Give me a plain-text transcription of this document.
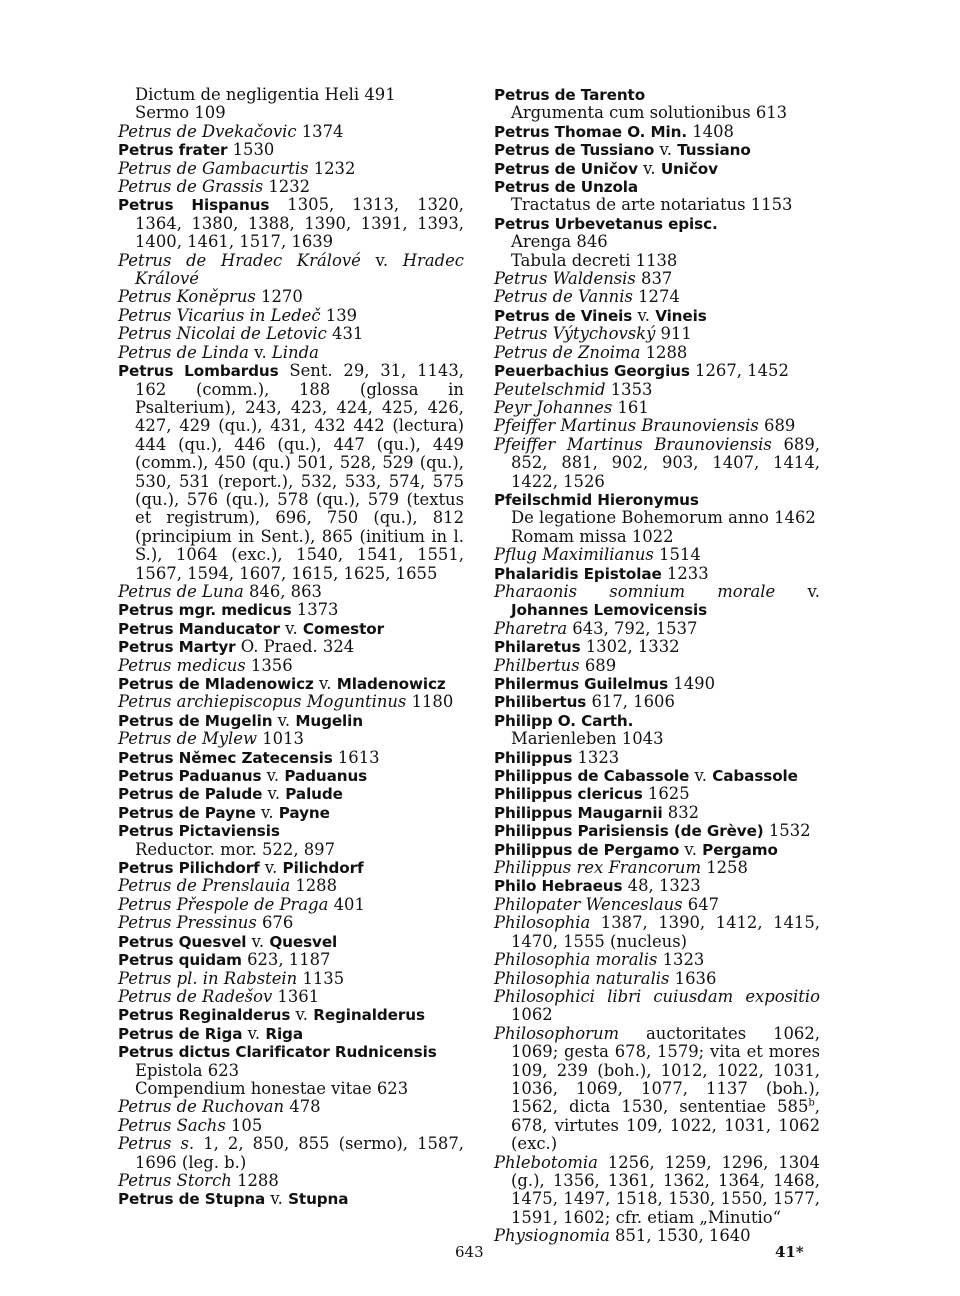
Dictum de negligentia Heli 491
Sermo 109
Petrus de Dvekačovic 1374
Petrus frater 1530
Petrus de Gambacurtis 1232
Petrus de Grassis 1232
Petrus Hispanus 1305, 1313, 1320, 1364, 1380, 1388, 1390, 1391, 1393, 1400, 1461, 1517, 1639
Petrus de Hradec Králové v. Hradec Králové
Petrus Koněprus 1270
Petrus Vicarius in Ledeč 139
Petrus Nicolai de Letovic 431
Petrus de Linda v. Linda
Petrus Lombardus Sent. 29, 31, 1143, 162 (comm.), 188 (glossa in Psalterium), 243, 423, 424, 425, 426, 427, 429 (qu.), 431, 432 442 (lectura) 444 (qu.), 446 (qu.), 447 (qu.), 449 (comm.), 450 (qu.) 501, 528, 529 (qu.), 530, 531 (report.), 532, 533, 574, 575 (qu.), 576 (qu.), 578 (qu.), 579 (textus et registrum), 696, 750 (qu.), 812 (principium in Sent.), 865 (initium in l. S.), 1064 (exc.), 1540, 1541, 1551, 1567, 1594, 1607, 1615, 1625, 1655
Petrus de Luna 846, 863
Petrus mgr. medicus 1373
Petrus Manducator v. Comestor
Petrus Martyr O. Praed. 324
Petrus medicus 1356
Petrus de Mladenowicz v. Mladenowicz
Petrus archiepiscopus Moguntinus 1180
Petrus de Mugelin v. Mugelin
Petrus de Mylew 1013
Petrus Němec Zatecensis 1613
Petrus Paduanus v. Paduanus
Petrus de Palude v. Palude
Petrus de Payne v. Payne
Petrus Pictaviensis
Reductor. mor. 522, 897
Petrus Pilichdorf v. Pilichdorf
Petrus de Prenslauia 1288
Petrus Přespole de Praga 401
Petrus Pressinus 676
Petrus Quesvel v. Quesvel
Petrus quidam 623, 1187
Petrus pl. in Rabstein 1135
Petrus de Radešov 1361
Petrus Reginalderus v. Reginalderus
Petrus de Riga v. Riga
Petrus dictus Clarificator Rudnicensis
Epistola 623
Compendium honestae vitae 623
Petrus de Ruchovan 478
Petrus Sachs 105
Petrus s. 1, 2, 850, 855 (sermo), 1587, 1696 (leg. b.)
Petrus Storch 1288
Petrus de Stupna v. Stupna
Petrus de Tarento
Argumenta cum solutionibus 613
Petrus Thomae O. Min. 1408
Petrus de Tussiano v. Tussiano
Petrus de Uničov v. Uničov
Petrus de Unzola
Tractatus de arte notariatus 1153
Petrus Urbevetanus episc.
Arenga 846
Tabula decreti 1138
Petrus Waldensis 837
Petrus de Vannis 1274
Petrus de Vineis v. Vineis
Petrus Výtychovský 911
Petrus de Znoima 1288
Peuerbachius Georgius 1267, 1452
Peutelschmid 1353
Peyr Johannes 161
Pfeiffer Martinus Braunoviensis 689
Pfeiffer Martinus Braunoviensis 689, 852, 881, 902, 903, 1407, 1414, 1422, 1526
Pfeilschmid Hieronymus
De legatione Bohemorum anno 1462
Romam missa 1022
Pflug Maximilianus 1514
Phalaridis Epistolae 1233
Pharaonis somnium morale v. Johannes Lemovicensis
Pharetra 643, 792, 1537
Philaretus 1302, 1332
Philbertus 689
Philermus Guilelmus 1490
Philibertus 617, 1606
Philipp O. Carth.
Marienleben 1043
Philippus 1323
Philippus de Cabassole v. Cabassole
Philippus clericus 1625
Philippus Maugarnii 832
Philippus Parisiensis (de Grève) 1532
Philippus de Pergamo v. Pergamo
Philippus rex Francorum 1258
Philo Hebraeus 48, 1323
Philopater Wenceslaus 647
Philosophia 1387, 1390, 1412, 1415, 1470, 1555 (nucleus)
Philosophia moralis 1323
Philosophia naturalis 1636
Philosophici libri cuiusdam expositio 1062
Philosophorum auctoritates 1062, 1069; gesta 678, 1579; vita et mores 109, 239 (boh.), 1012, 1022, 1031, 1036, 1069, 1077, 1137 (boh.), 1562, dicta 1530, sententiae 585$^b$, 678, virtutes 109, 1022, 1031, 1062 (exc.)
Phlebotomia 1256, 1259, 1296, 1304 (g.), 1356, 1361, 1362, 1364, 1468, 1475, 1497, 1518, 1530, 1550, 1577, 1591, 1602; cfr. etiam „Minutio“
Physiognomia 851, 1530, 1640
643	41*
